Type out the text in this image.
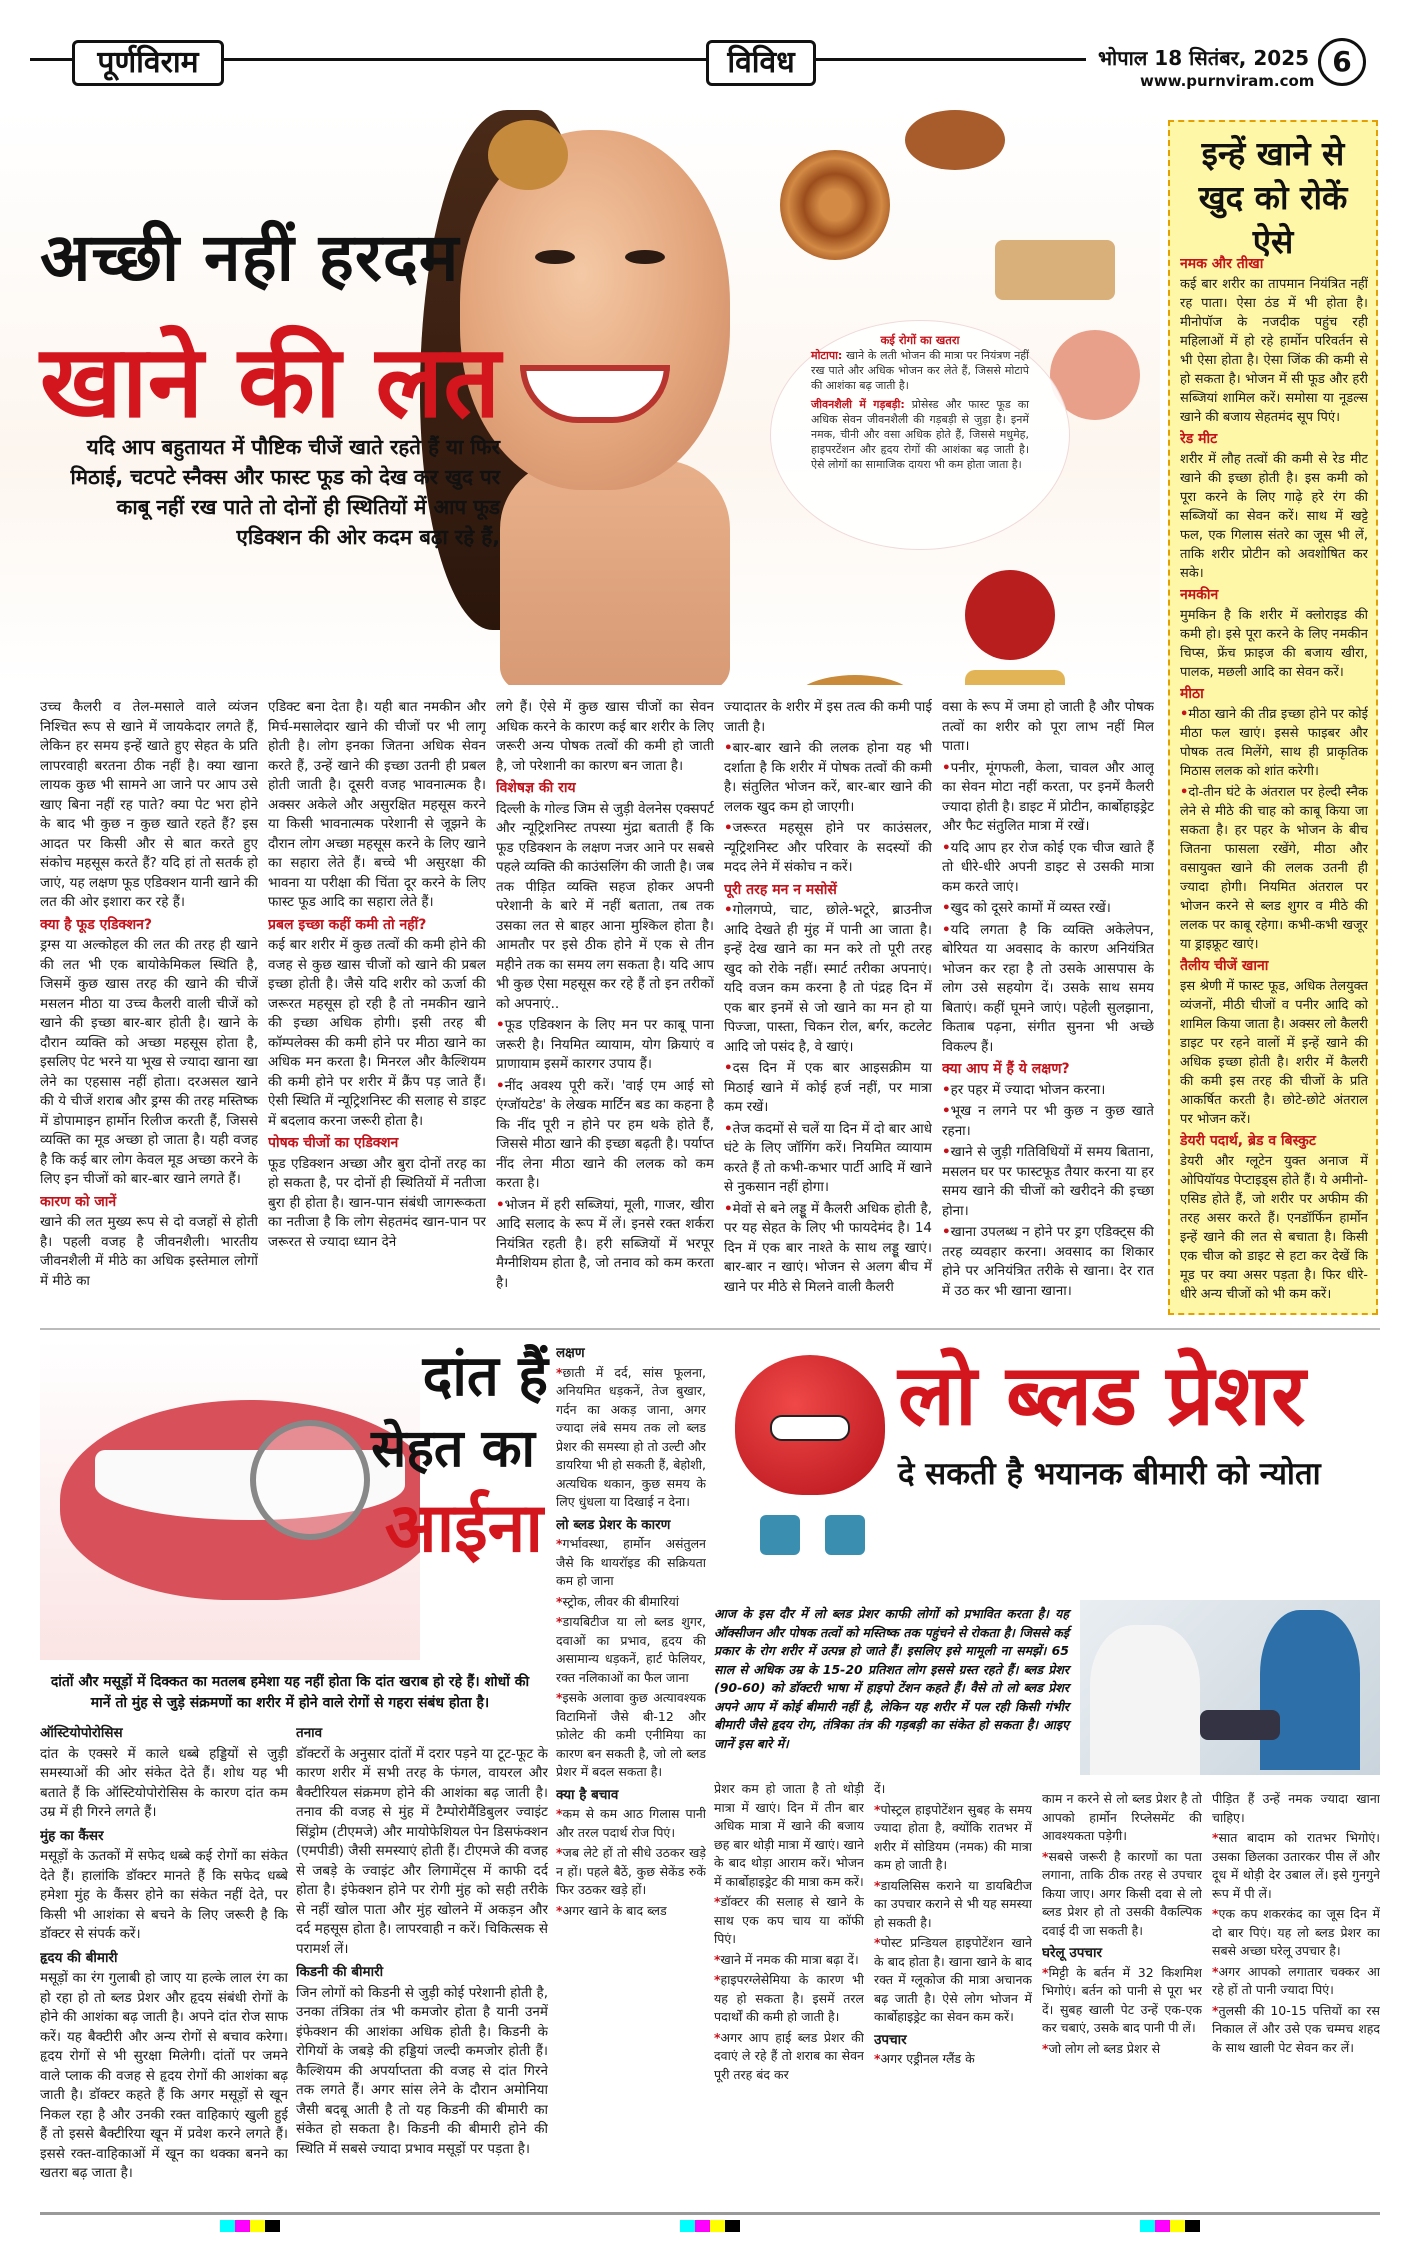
पूर्णविराम	विविध	भोपाल 18 सितंबर, 2025
www.purnviram.com
6
अच्छी नहीं हरदम
खाने की लत
यदि आप बहुतायत में पौष्टिक चीजें खाते रहते हैं या फिर मिठाई, चटपटे स्नैक्स और फास्ट फूड को देख कर खुद पर काबू नहीं रख पाते तो दोनों ही स्थितियों में आप फूड एडिक्शन की ओर कदम बढ़ा रहे हैं,
कई रोगों का खतरा
मोटापा: खाने के लती भोजन की मात्रा पर नियंत्रण नहीं रख पाते और अधिक भोजन कर लेते हैं, जिससे मोटापे की आशंका बढ़ जाती है।
जीवनशैली में गड़बड़ी: प्रोसेस्ड और फास्ट फूड का अधिक सेवन जीवनशैली की गड़बड़ी से जुड़ा है। इनमें नमक, चीनी और वसा अधिक होते हैं, जिससे मधुमेह, हाइपरटेंशन और हृदय रोगों की आशंका बढ़ जाती है। ऐसे लोगों का सामाजिक दायरा भी कम होता जाता है।

उच्च कैलरी व तेल-मसाले वाले व्यंजन निश्चित रूप से खाने में जायकेदार लगते हैं, लेकिन हर समय इन्हें खाते हुए सेहत के प्रति लापरवाही बरतना ठीक नहीं है। क्या खाना लायक कुछ भी सामने आ जाने पर आप उसे खाए बिना नहीं रह पाते? क्या पेट भरा होने के बाद भी कुछ न कुछ खाते रहते हैं? इस आदत पर किसी और से बात करते हुए संकोच महसूस करते हैं? यदि हां तो सतर्क हो जाएं, यह लक्षण फूड एडिक्शन यानी खाने की लत की ओर इशारा कर रहे हैं।

क्या है फूड एडिक्शन?

ड्रग्स या अल्कोहल की लत की तरह ही खाने की लत भी एक बायोकेमिकल स्थिति है, जिसमें कुछ खास तरह की खाने की चीजें मसलन मीठा या उच्च कैलरी वाली चीजें को खाने की इच्छा बार-बार होती है। खाने के दौरान व्यक्ति को अच्छा महसूस होता है, इसलिए पेट भरने या भूख से ज्यादा खाना खा लेने का एहसास नहीं होता। दरअसल खाने की ये चीजें शराब और ड्रग्स की तरह मस्तिष्क में डोपामाइन हार्मोन रिलीज करती हैं, जिससे व्यक्ति का मूड अच्छा हो जाता है। यही वजह है कि कई बार लोग केवल मूड अच्छा करने के लिए इन चीजों को बार-बार खाने लगते हैं।

कारण को जानें

खाने की लत मुख्य रूप से दो वजहों से होती है। पहली वजह है जीवनशैली। भारतीय जीवनशैली में मीठे का अधिक इस्तेमाल लोगों में मीठे का

एडिक्ट बना देता है। यही बात नमकीन और मिर्च-मसालेदार खाने की चीजों पर भी लागू होती है। लोग इनका जितना अधिक सेवन करते हैं, उन्हें खाने की इच्छा उतनी ही प्रबल होती जाती है। दूसरी वजह भावनात्मक है। अक्सर अकेले और असुरक्षित महसूस करने या किसी भावनात्मक परेशानी से जूझने के दौरान लोग अच्छा महसूस करने के लिए खाने का सहारा लेते हैं। बच्चे भी असुरक्षा की भावना या परीक्षा की चिंता दूर करने के लिए फास्ट फूड आदि का सहारा लेते हैं।

प्रबल इच्छा कहीं कमी तो नहीं?

कई बार शरीर में कुछ तत्वों की कमी होने की वजह से कुछ खास चीजों को खाने की प्रबल इच्छा होती है। जैसे यदि शरीर को ऊर्जा की जरूरत महसूस हो रही है तो नमकीन खाने की इच्छा अधिक होगी। इसी तरह बी कॉम्पलेक्स की कमी होने पर मीठा खाने का अधिक मन करता है। मिनरल और कैल्शियम की कमी होने पर शरीर में क्रैंप पड़ जाते हैं। ऐसी स्थिति में न्यूट्रिशनिस्ट की सलाह से डाइट में बदलाव करना जरूरी होता है।

पोषक चीजों का एडिक्शन

फूड एडिक्शन अच्छा और बुरा दोनों तरह का हो सकता है, पर दोनों ही स्थितियों में नतीजा बुरा ही होता है। खान-पान संबंधी जागरूकता का नतीजा है कि लोग सेहतमंद खान-पान पर जरूरत से ज्यादा ध्यान देने

लगे हैं। ऐसे में कुछ खास चीजों का सेवन अधिक करने के कारण कई बार शरीर के लिए जरूरी अन्य पोषक तत्वों की कमी हो जाती है, जो परेशानी का कारण बन जाता है।

विशेषज्ञ की राय

दिल्ली के गोल्ड जिम से जुड़ी वेलनेस एक्सपर्ट और न्यूट्रिशनिस्ट तपस्या मुंद्रा बताती हैं कि फूड एडिक्शन के लक्षण नजर आने पर सबसे पहले व्यक्ति की काउंसलिंग की जाती है। जब तक पीड़ित व्यक्ति सहज होकर अपनी परेशानी के बारे में नहीं बताता, तब तक उसका लत से बाहर आना मुश्किल होता है। आमतौर पर इसे ठीक होने में एक से तीन महीने तक का समय लग सकता है। यदि आप भी कुछ ऐसा महसूस कर रहे हैं तो इन तरीकों को अपनाएं..

•फूड एडिक्शन के लिए मन पर काबू पाना जरूरी है। नियमित व्यायाम, योग क्रियाएं व प्राणायाम इसमें कारगर उपाय हैं।

•नींद अवश्य पूरी करें। 'वाई एम आई सो एंग्जॉयटेड' के लेखक मार्टिन बड का कहना है कि नींद पूरी न होने पर हम थके होते हैं, जिससे मीठा खाने की इच्छा बढ़ती है। पर्याप्त नींद लेना मीठा खाने की ललक को कम करता है।

•भोजन में हरी सब्जियां, मूली, गाजर, खीरा आदि सलाद के रूप में लें। इनसे रक्त शर्करा नियंत्रित रहती है। हरी सब्जियों में भरपूर मैग्नीशियम होता है, जो तनाव को कम करता है।

ज्यादातर के शरीर में इस तत्व की कमी पाई जाती है।

•बार-बार खाने की ललक होना यह भी दर्शाता है कि शरीर में पोषक तत्वों की कमी है। संतुलित भोजन करें, बार-बार खाने की ललक खुद कम हो जाएगी।

•जरूरत महसूस होने पर काउंसलर, न्यूट्रिशनिस्ट और परिवार के सदस्यों की मदद लेने में संकोच न करें।

पूरी तरह मन न मसोसें

•गोलगप्पे, चाट, छोले-भटूरे, ब्राउनीज आदि देखते ही मुंह में पानी आ जाता है। इन्हें देख खाने का मन करे तो पूरी तरह खुद को रोके नहीं। स्मार्ट तरीका अपनाएं। यदि वजन कम करना है तो पंद्रह दिन में एक बार इनमें से जो खाने का मन हो या पिज्जा, पास्ता, चिकन रोल, बर्गर, कटलेट आदि जो पसंद है, वे खाएं।

•दस दिन में एक बार आइसक्रीम या मिठाई खाने में कोई हर्ज नहीं, पर मात्रा कम रखें।

•तेज कदमों से चलें या दिन में दो बार आधे घंटे के लिए जॉगिंग करें। नियमित व्यायाम करते हैं तो कभी-कभार पार्टी आदि में खाने से नुकसान नहीं होगा।

•मेवों से बने लड्डू में कैलरी अधिक होती है, पर यह सेहत के लिए भी फायदेमंद है। 14 दिन में एक बार नाश्ते के साथ लड्डू खाएं। बार-बार न खाएं। भोजन से अलग बीच में खाने पर मीठे से मिलने वाली कैलरी

वसा के रूप में जमा हो जाती है और पोषक तत्वों का शरीर को पूरा लाभ नहीं मिल पाता।

•पनीर, मूंगफली, केला, चावल और आलू का सेवन मोटा नहीं करता, पर इनमें कैलरी ज्यादा होती है। डाइट में प्रोटीन, कार्बोहाइड्रेट और फैट संतुलित मात्रा में रखें।

•यदि आप हर रोज कोई एक चीज खाते हैं तो धीरे-धीरे अपनी डाइट से उसकी मात्रा कम करते जाएं।

•खुद को दूसरे कामों में व्यस्त रखें।

•यदि लगता है कि व्यक्ति अकेलेपन, बोरियत या अवसाद के कारण अनियंत्रित भोजन कर रहा है तो उसके आसपास के लोग उसे सहयोग दें। उसके साथ समय बिताएं। कहीं घूमने जाएं। पहेली सुलझाना, किताब पढ़ना, संगीत सुनना भी अच्छे विकल्प हैं।

क्या आप में हैं ये लक्षण?

•हर पहर में ज्यादा भोजन करना।

•भूख न लगने पर भी कुछ न कुछ खाते रहना।

•खाने से जुड़ी गतिविधियों में समय बिताना, मसलन घर पर फास्टफूड तैयार करना या हर समय खाने की चीजों को खरीदने की इच्छा होना।

•खाना उपलब्ध न होने पर ड्रग एडिक्ट्स की तरह व्यवहार करना। अवसाद का शिकार होने पर अनियंत्रित तरीके से खाना। देर रात में उठ कर भी खाना खाना।

इन्हें खाने से खुद को रोकें ऐसे
नमक और तीखा

कई बार शरीर का तापमान नियंत्रित नहीं रह पाता। ऐसा ठंड में भी होता है। मीनोपॉज के नजदीक पहुंच रही महिलाओं में हो रहे हार्मोन परिवर्तन से भी ऐसा होता है। ऐसा जिंक की कमी से हो सकता है। भोजन में सी फूड और हरी सब्जियां शामिल करें। समोसा या नूडल्स खाने की बजाय सेहतमंद सूप पिएं।

रेड मीट

शरीर में लौह तत्वों की कमी से रेड मीट खाने की इच्छा होती है। इस कमी को पूरा करने के लिए गाढ़े हरे रंग की सब्जियों का सेवन करें। साथ में खट्टे फल, एक गिलास संतरे का जूस भी लें, ताकि शरीर प्रोटीन को अवशोषित कर सके।

नमकीन

मुमकिन है कि शरीर में क्लोराइड की कमी हो। इसे पूरा करने के लिए नमकीन चिप्स, फ्रेंच फ्राइज की बजाय खीरा, पालक, मछली आदि का सेवन करें।

मीठा

•मीठा खाने की तीव्र इच्छा होने पर कोई मीठा फल खाएं। इससे फाइबर और पोषक तत्व मिलेंगे, साथ ही प्राकृतिक मिठास ललक को शांत करेगी।

•दो-तीन घंटे के अंतराल पर हेल्दी स्नैक लेने से मीठे की चाह को काबू किया जा सकता है। हर पहर के भोजन के बीच जितना फासला रखेंगे, मीठा और वसायुक्त खाने की ललक उतनी ही ज्यादा होगी। नियमित अंतराल पर भोजन करने से ब्लड शुगर व मीठे की ललक पर काबू रहेगा। कभी-कभी खजूर या ड्राइफ्रूट खाएं।

तैलीय चीजें खाना

इस श्रेणी में फास्ट फूड, अधिक तेलयुक्त व्यंजनों, मीठी चीजों व पनीर आदि को शामिल किया जाता है। अक्सर लो कैलरी डाइट पर रहने वालों में इन्हें खाने की अधिक इच्छा होती है। शरीर में कैलरी की कमी इस तरह की चीजों के प्रति आकर्षित करती है। छोटे-छोटे अंतराल पर भोजन करें।

डेयरी पदार्थ, ब्रेड व बिस्कुट

डेयरी और ग्लूटेन युक्त अनाज में ओपियॉयड पेप्टाइड्स होते हैं। ये अमीनो-एसिड होते हैं, जो शरीर पर अफीम की तरह असर करते हैं। एनडॉर्फिन हार्मोन इन्हें खाने की लत से बचाता है। किसी एक चीज को डाइट से हटा कर देखें कि मूड पर क्या असर पड़ता है। फिर धीरे-धीरे अन्य चीजों को भी कम करें।

दांत हैं
सेहत का
आईना
दांतों और मसूड़ों में दिक्कत का मतलब हमेशा यह नहीं होता कि दांत खराब हो रहे हैं। शोधों की मानें तो मुंह से जुड़े संक्रमणों का शरीर में होने वाले रोगों से गहरा संबंध होता है।
ऑस्टियोपोरोसिस

दांत के एक्सरे में काले धब्बे हड्डियों से जुड़ी समस्याओं की ओर संकेत देते हैं। शोध यह भी बताते हैं कि ऑस्टियोपोरोसिस के कारण दांत कम उम्र में ही गिरने लगते हैं।

मुंह का कैंसर

मसूड़ों के ऊतकों में सफेद धब्बे कई रोगों का संकेत देते हैं। हालांकि डॉक्टर मानते हैं कि सफेद धब्बे हमेशा मुंह के कैंसर होने का संकेत नहीं देते, पर किसी भी आशंका से बचने के लिए जरूरी है कि डॉक्टर से संपर्क करें।

हृदय की बीमारी

मसूड़ों का रंग गुलाबी हो जाए या हल्के लाल रंग का हो रहा हो तो ब्लड प्रेशर और हृदय संबंधी रोगों के होने की आशंका बढ़ जाती है। अपने दांत रोज साफ करें। यह बैक्टीरी और अन्य रोगों से बचाव करेगा। हृदय रोगों से भी सुरक्षा मिलेगी। दांतों पर जमने वाले प्लाक की वजह से हृदय रोगों की आशंका बढ़ जाती है। डॉक्टर कहते हैं कि अगर मसूड़ों से खून निकल रहा है और उनकी रक्त वाहिकाएं खुली हुई हैं तो इससे बैक्टीरिया खून में प्रवेश करने लगते हैं। इससे रक्त-वाहिकाओं में खून का थक्का बनने का खतरा बढ़ जाता है।

तनाव

डॉक्टरों के अनुसार दांतों में दरार पड़ने या टूट-फूट के कारण शरीर में सभी तरह के फंगल, वायरल और बैक्टीरियल संक्रमण होने की आशंका बढ़ जाती है। तनाव की वजह से मुंह में टैम्पोरोमैंडिबुलर ज्वाइंट सिंड्रोम (टीएमजे) और मायोफेशियल पेन डिसफंक्शन (एमपीडी) जैसी समस्याएं होती हैं। टीएमजे की वजह से जबड़े के ज्वाइंट और लिगामेंट्स में काफी दर्द होता है। इंफेक्शन होने पर रोगी मुंह को सही तरीके से नहीं खोल पाता और मुंह खोलने में अकड़न और दर्द महसूस होता है। लापरवाही न करें। चिकित्सक से परामर्श लें।

किडनी की बीमारी

जिन लोगों को किडनी से जुड़ी कोई परेशानी होती है, उनका तंत्रिका तंत्र भी कमजोर होता है यानी उनमें इंफेक्शन की आशंका अधिक होती है। किडनी के रोगियों के जबड़े की हड्डियां जल्दी कमजोर होती हैं। कैल्शियम की अपर्याप्तता की वजह से दांत गिरने तक लगते हैं। अगर सांस लेने के दौरान अमोनिया जैसी बदबू आती है तो यह किडनी की बीमारी का संकेत हो सकता है। किडनी की बीमारी होने की स्थिति में सबसे ज्यादा प्रभाव मसूड़ों पर पड़ता है।

लक्षण

*छाती में दर्द, सांस फूलना, अनियमित धड़कनें, तेज बुखार, गर्दन का अकड़ जाना, अगर ज्यादा लंबे समय तक लो ब्लड प्रेशर की समस्या हो तो उल्टी और डायरिया भी हो सकती हैं, बेहोशी, अत्यधिक थकान, कुछ समय के लिए धुंधला या दिखाई न देना।

लो ब्लड प्रेशर के कारण

*गर्भावस्था, हार्मोन असंतुलन जैसे कि थायरॉइड की सक्रियता कम हो जाना

*स्ट्रोक, लीवर की बीमारियां

*डायबिटीज या लो ब्लड शुगर, दवाओं का प्रभाव, हृदय की असामान्य धड़कनें, हार्ट फेलियर, रक्त नलिकाओं का फैल जाना

*इसके अलावा कुछ अत्यावश्यक विटामिनों जैसे बी-12 और फ़ोलेट की कमी एनीमिया का कारण बन सकती है, जो लो ब्लड प्रेशर में बदल सकता है।

क्या है बचाव

*कम से कम आठ गिलास पानी और तरल पदार्थ रोज पिएं।

*जब लेटे हों तो सीधे उठकर खड़े न हों। पहले बैठें, कुछ सेकेंड रुकें फिर उठकर खड़े हों।

*अगर खाने के बाद ब्लड

लो ब्लड प्रेशर
दे सकती है भयानक बीमारी को न्योता
आज के इस दौर में लो ब्लड प्रेशर काफी लोगों को प्रभावित करता है। यह ऑक्सीजन और पोषक तत्वों को मस्तिष्क तक पहुंचने से रोकता है। जिससे कई प्रकार के रोग शरीर में उत्पन्न हो जाते हैं। इसलिए इसे मामूली ना समझें। 65 साल से अधिक उम्र के 15-20 प्रतिशत लोग इससे ग्रस्त रहते हैं। ब्लड प्रेशर (90-60) को डॉक्टरी भाषा में हाइपो टेंशन कहते हैं। वैसे तो लो ब्लड प्रेशर अपने आप में कोई बीमारी नहीं है, लेकिन यह शरीर में पल रही किसी गंभीर बीमारी जैसे हृदय रोग, तंत्रिका तंत्र की गड़बड़ी का संकेत हो सकता है। आइए जानें इस बारे में।

प्रेशर कम हो जाता है तो थोड़ी मात्रा में खाएं। दिन में तीन बार अधिक मात्रा में खाने की बजाय छह बार थोड़ी मात्रा में खाएं। खाने के बाद थोड़ा आराम करें। भोजन में कार्बोहाइड्रेट की मात्रा कम करें।

*डॉक्टर की सलाह से खाने के साथ एक कप चाय या कॉफी पिएं।

*खाने में नमक की मात्रा बढ़ा दें।

*हाइपरग्लेसेमिया के कारण भी यह हो सकता है। इसमें तरल पदार्थों की कमी हो जाती है।

*अगर आप हाई ब्लड प्रेशर की दवाएं ले रहे हैं तो शराब का सेवन पूरी तरह बंद कर

दें।

*पोस्ट्रल हाइपोटेंशन सुबह के समय ज्यादा होता है, क्योंकि रातभर में शरीर में सोडियम (नमक) की मात्रा कम हो जाती है।

*डायलिसिस कराने या डायबिटीज का उपचार कराने से भी यह समस्या हो सकती है।

*पोस्ट प्रन्डियल हाइपोटेंशन खाने के बाद होता है। खाना खाने के बाद रक्त में ग्लूकोज की मात्रा अचानक बढ़ जाती है। ऐसे लोग भोजन में कार्बोहाइड्रेट का सेवन कम करें।

उपचार

*अगर एड्रीनल ग्लैंड के

काम न करने से लो ब्लड प्रेशर है तो आपको हार्मोन रिप्लेसमेंट की आवश्यकता पड़ेगी।

*सबसे जरूरी है कारणों का पता लगाना, ताकि ठीक तरह से उपचार किया जाए। अगर किसी दवा से लो ब्लड प्रेशर हो तो उसकी वैकल्पिक दवाई दी जा सकती है।

घरेलू उपचार

*मिट्टी के बर्तन में 32 किशमिश भिगोएं। बर्तन को पानी से पूरा भर दें। सुबह खाली पेट उन्हें एक-एक कर चबाएं, उसके बाद पानी पी लें।

*जो लोग लो ब्लड प्रेशर से

पीड़ित हैं उन्हें नमक ज्यादा खाना चाहिए।

*सात बादाम को रातभर भिगोएं। उसका छिलका उतारकर पीस लें और दूध में थोड़ी देर उबाल लें। इसे गुनगुने रूप में पी लें।

*एक कप शकरकंद का जूस दिन में दो बार पिएं। यह लो ब्लड प्रेशर का सबसे अच्छा घरेलू उपचार है।

*अगर आपको लगातार चक्कर आ रहे हों तो पानी ज्यादा पिएं।

*तुलसी की 10-15 पत्तियों का रस निकाल लें और उसे एक चम्मच शहद के साथ खाली पेट सेवन कर लें।
